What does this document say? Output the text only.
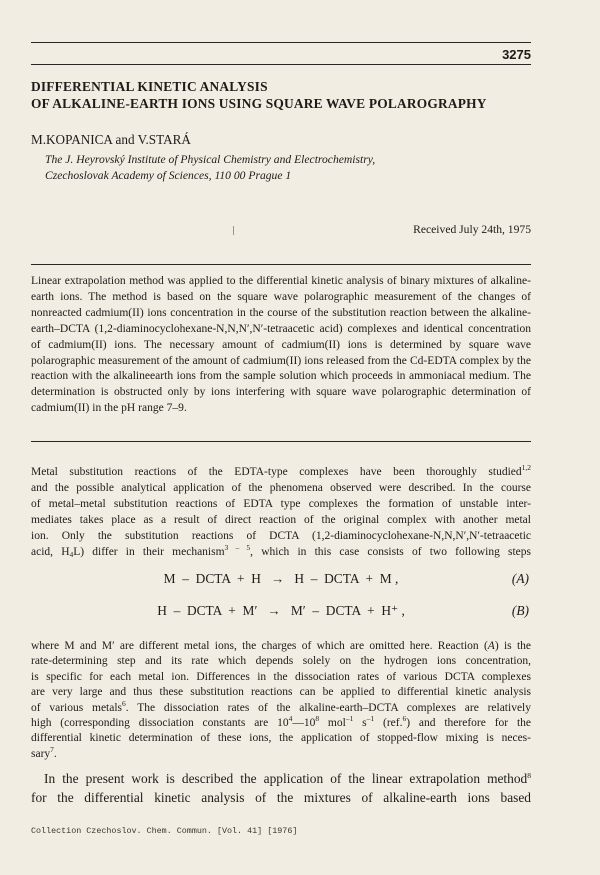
3275
DIFFERENTIAL KINETIC ANALYSIS
OF ALKALINE-EARTH IONS USING SQUARE WAVE POLAROGRAPHY
M.KOPANICA and V.STARÁ
The J. Heyrovský Institute of Physical Chemistry and Electrochemistry,
Czechoslovak Academy of Sciences, 110 00 Prague 1
Received July 24th, 1975
Linear extrapolation method was applied to the differential kinetic analysis of binary mixtures of alkaline-earth ions. The method is based on the square wave polarographic measurement of the changes of nonreacted cadmium(II) ions concentration in the course of the substitution reaction between the alkaline-earth–DCTA (1,2-diaminocyclohexane-N,N,N′,N′-tetraacetic acid) complexes and identical concentration of cadmium(II) ions. The necessary amount of cadmium(II) ions is determined by square wave polarographic measurement of the amount of cadmium(II) ions released from the Cd-EDTA complex by the reaction with the alkalineearth ions from the sample solution which proceeds in ammoniacal medium. The determination is obstructed only by ions interfering with square wave polarographic determination of cadmium(II) in the pH range 7–9.
Metal substitution reactions of the EDTA-type complexes have been thoroughly studied$^{1,2}$
and the possible analytical application of the phenomena observed were described. In the course
of metal–metal substitution reactions of EDTA type complexes the formation of unstable inter-
mediates takes place as a result of direct reaction of the original complex with another metal
ion. Only the substitution reactions of DCTA (1,2-diaminocyclohexane-N,N,N′,N′-tetraacetic
acid, $H_4L$) differ in their mechanism$^{3 - 5}$, which in this case consists of two following steps
M  –  DCTA  +  H   →   H  –  DCTA  +  M ,	(A)
H  –  DCTA  +  M′   →   M′  –  DCTA  +  H⁺ ,	(B)
where M and M′ are different metal ions, the charges of which are omitted here. Reaction (A) is the
rate-determining step and its rate which depends solely on the hydrogen ions concentration,
is specific for each metal ion. Differences in the dissociation rates of various DCTA complexes
are very large and thus these substitution reactions can be applied to differential kinetic analysis
of various metals$^6$. The dissociation rates of the alkaline-earth–DCTA complexes are relatively
high (corresponding dissociation constants are $10^4—10^8$ mol$^{-1}$ $s^{-1}$ (ref.$^6$) and therefore for the
differential kinetic determination of these ions, the application of stopped-flow mixing is neces-
sary$^7$.
In the present work is described the application of the linear extrapolation method$^8$
for the differential kinetic analysis of the mixtures of alkaline-earth ions based
Collection Czechoslov. Chem. Commun. [Vol. 41] [1976]
